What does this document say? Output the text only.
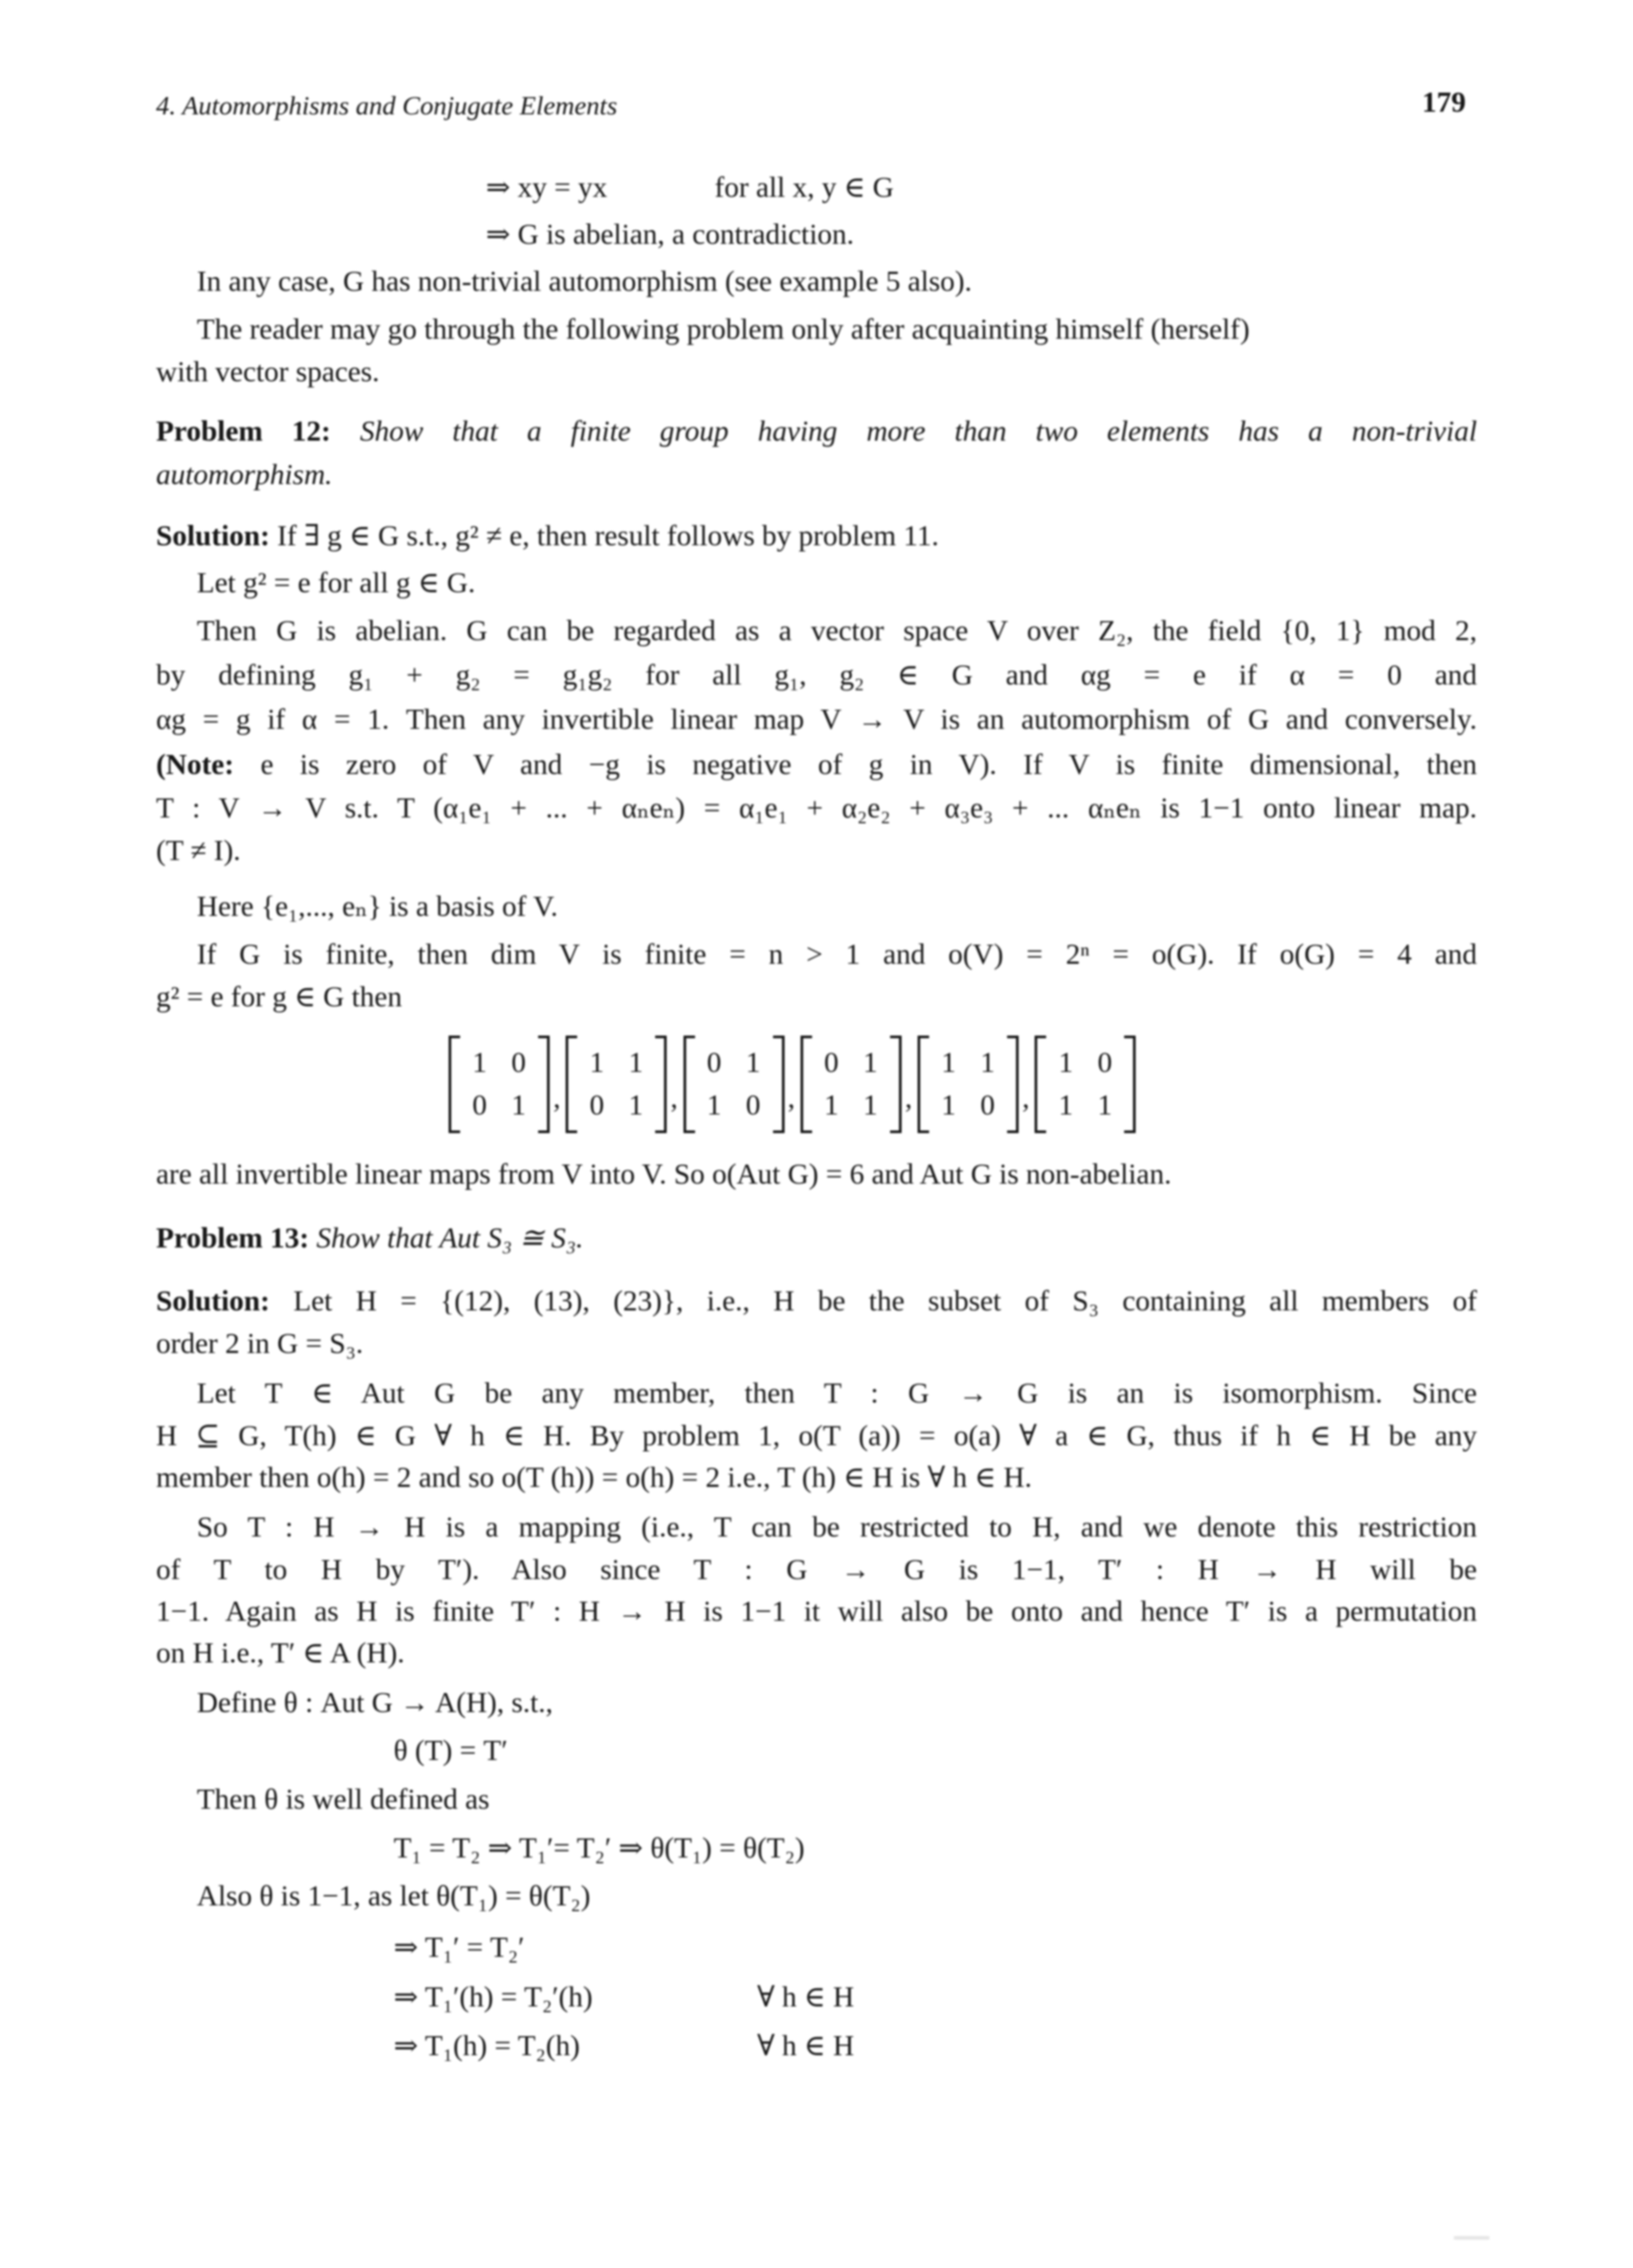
4. Automorphisms and Conjugate Elements	179
⇒ xy = yx	for all x, y ∈ G
⇒ G is abelian, a contradiction.
In any case, G has non-trivial automorphism (see example 5 also).
The reader may go through the following problem only after acquainting himself (herself)
with vector spaces.
Problem 12: Show that a finite group having more than two elements has a non-trivial
automorphism.
Solution: If ∃ g ∈ G s.t., g² ≠ e, then result follows by problem 11.
Let g² = e for all g ∈ G.
Then G is abelian. G can be regarded as a vector space V over Z₂, the field {0, 1} mod 2,
by defining g₁ + g₂ = g₁g₂ for all g₁, g₂ ∈ G and αg = e if α = 0 and
αg = g if α = 1. Then any invertible linear map V → V is an automorphism of G and conversely.
(Note: e is zero of V and −g is negative of g in V). If V is finite dimensional, then
T : V → V s.t. T (α₁e₁ + ... + αₙeₙ) = α₁e₁ + α₂e₂ + α₃e₃ + ... αₙeₙ is 1−1 onto linear map.
(T ≠ I).
Here {e₁,..., eₙ} is a basis of V.
If G is finite, then dim V is finite = n > 1 and o(V) = 2ⁿ = o(G). If o(G) = 4 and
g² = e for g ∈ G then
1 0
0 1 ,
1 1
0 1 ,
0 1
1 0 ,
0 1
1 1 ,
1 1
1 0 ,
1 0
1 1
are all invertible linear maps from V into V. So o(Aut G) = 6 and Aut G is non-abelian.
Problem 13: Show that Aut S₃ ≅ S₃.
Solution: Let H = {(12), (13), (23)}, i.e., H be the subset of S₃ containing all members of
order 2 in G = S₃.
Let T ∈ Aut G be any member, then T : G → G is an is isomorphism. Since
H ⊆ G, T(h) ∈ G ∀ h ∈ H. By problem 1, o(T (a)) = o(a) ∀ a ∈ G, thus if h ∈ H be any
member then o(h) = 2 and so o(T (h)) = o(h) = 2 i.e., T (h) ∈ H is ∀ h ∈ H.
So T : H → H is a mapping (i.e., T can be restricted to H, and we denote this restriction
of T to H by T′). Also since T : G → G is 1−1, T′ : H → H will be
1−1. Again as H is finite T′ : H → H is 1−1 it will also be onto and hence T′ is a permutation
on H i.e., T′ ∈ A (H).
Define θ : Aut G → A(H), s.t.,
θ (T) = T′
Then θ is well defined as
T₁ = T₂ ⇒ T₁′= T₂′ ⇒ θ(T₁) = θ(T₂)
Also θ is 1−1, as let θ(T₁) = θ(T₂)
⇒ T₁′ = T₂′
⇒ T₁′(h) = T₂′(h)	∀ h ∈ H
⇒ T₁(h) = T₂(h)	∀ h ∈ H
